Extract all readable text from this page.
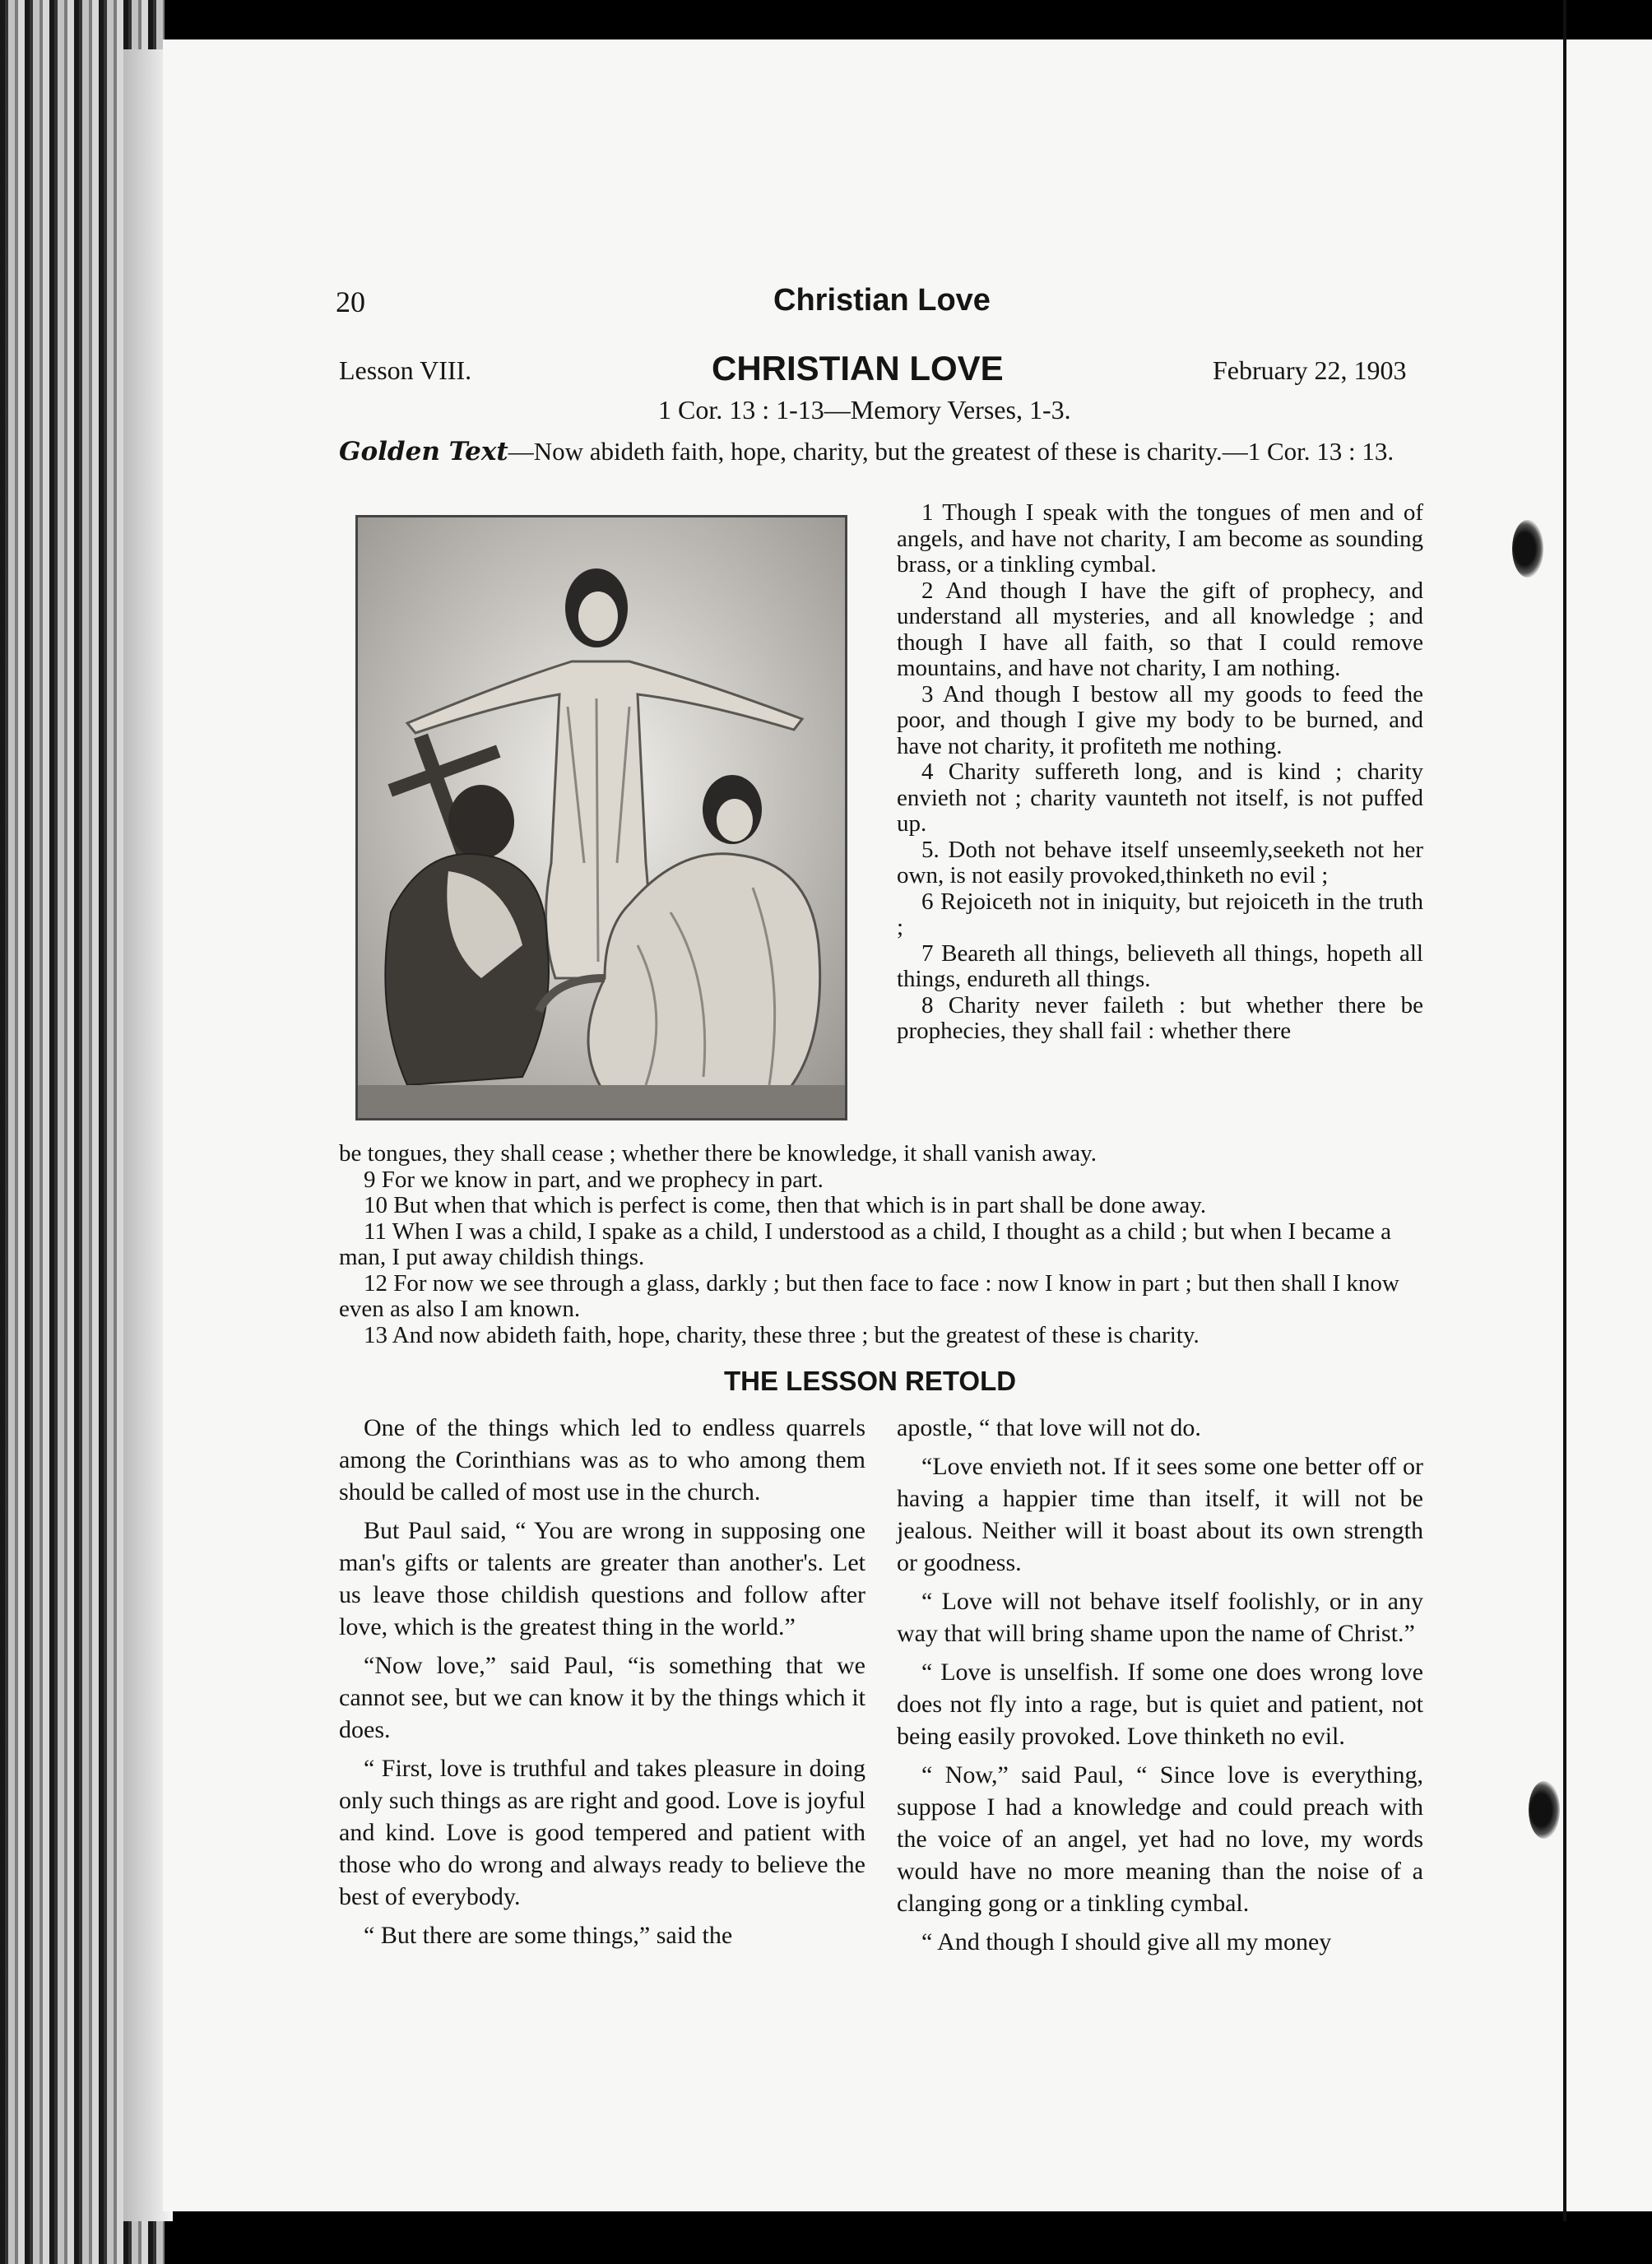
20	Christian Love
Lesson VIII.	CHRISTIAN LOVE	February 22, 1903
1 Cor. 13 : 1-13—Memory Verses, 1-3.
Golden Text—Now abideth faith, hope, charity, but the greatest of these is charity.—1 Cor. 13 : 13.

1 Though I speak with the tongues of men and of angels, and have not charity, I am become as sounding brass, or a tinkling cymbal.

2 And though I have the gift of prophecy, and understand all mysteries, and all knowledge ; and though I have all faith, so that I could remove mountains, and have not charity, I am nothing.

3 And though I bestow all my goods to feed the poor, and though I give my body to be burned, and have not charity, it profiteth me nothing.

4 Charity suffereth long, and is kind ; charity envieth not ; charity vaunteth not itself, is not puffed up.

5. Doth not behave itself unseemly,seeketh not her own, is not easily provoked,thinketh no evil ;

6 Rejoiceth not in iniquity, but rejoiceth in the truth ;

7 Beareth all things, believeth all things, hopeth all things, endureth all things.

8 Charity never faileth : but whether there be prophecies, they shall fail : whether there

be tongues, they shall cease ; whether there be knowledge, it shall vanish away.

9 For we know in part, and we prophecy in part.

10 But when that which is perfect is come, then that which is in part shall be done away.

11 When I was a child, I spake as a child, I understood as a child, I thought as a child ; but when I became a man, I put away childish things.

12 For now we see through a glass, darkly ; but then face to face : now I know in part ; but then shall I know even as also I am known.

13 And now abideth faith, hope, charity, these three ; but the greatest of these is charity.

THE LESSON RETOLD

One of the things which led to endless quarrels among the Corinthians was as to who among them should be called of most use in the church.

But Paul said, “ You are wrong in supposing one man's gifts or talents are greater than another's. Let us leave those childish questions and follow after love, which is the greatest thing in the world.”

“Now love,” said Paul, “is something that we cannot see, but we can know it by the things which it does.

“ First, love is truthful and takes pleasure in doing only such things as are right and good. Love is joyful and kind. Love is good tempered and patient with those who do wrong and always ready to believe the best of everybody.

“ But there are some things,” said the

apostle, “ that love will not do.

“Love envieth not. If it sees some one better off or having a happier time than itself, it will not be jealous. Neither will it boast about its own strength or goodness.

“ Love will not behave itself foolishly, or in any way that will bring shame upon the name of Christ.”

“ Love is unselfish. If some one does wrong love does not fly into a rage, but is quiet and patient, not being easily provoked. Love thinketh no evil.

“ Now,” said Paul, “ Since love is everything, suppose I had a knowledge and could preach with the voice of an angel, yet had no love, my words would have no more meaning than the noise of a clanging gong or a tinkling cymbal.

“ And though I should give all my money
